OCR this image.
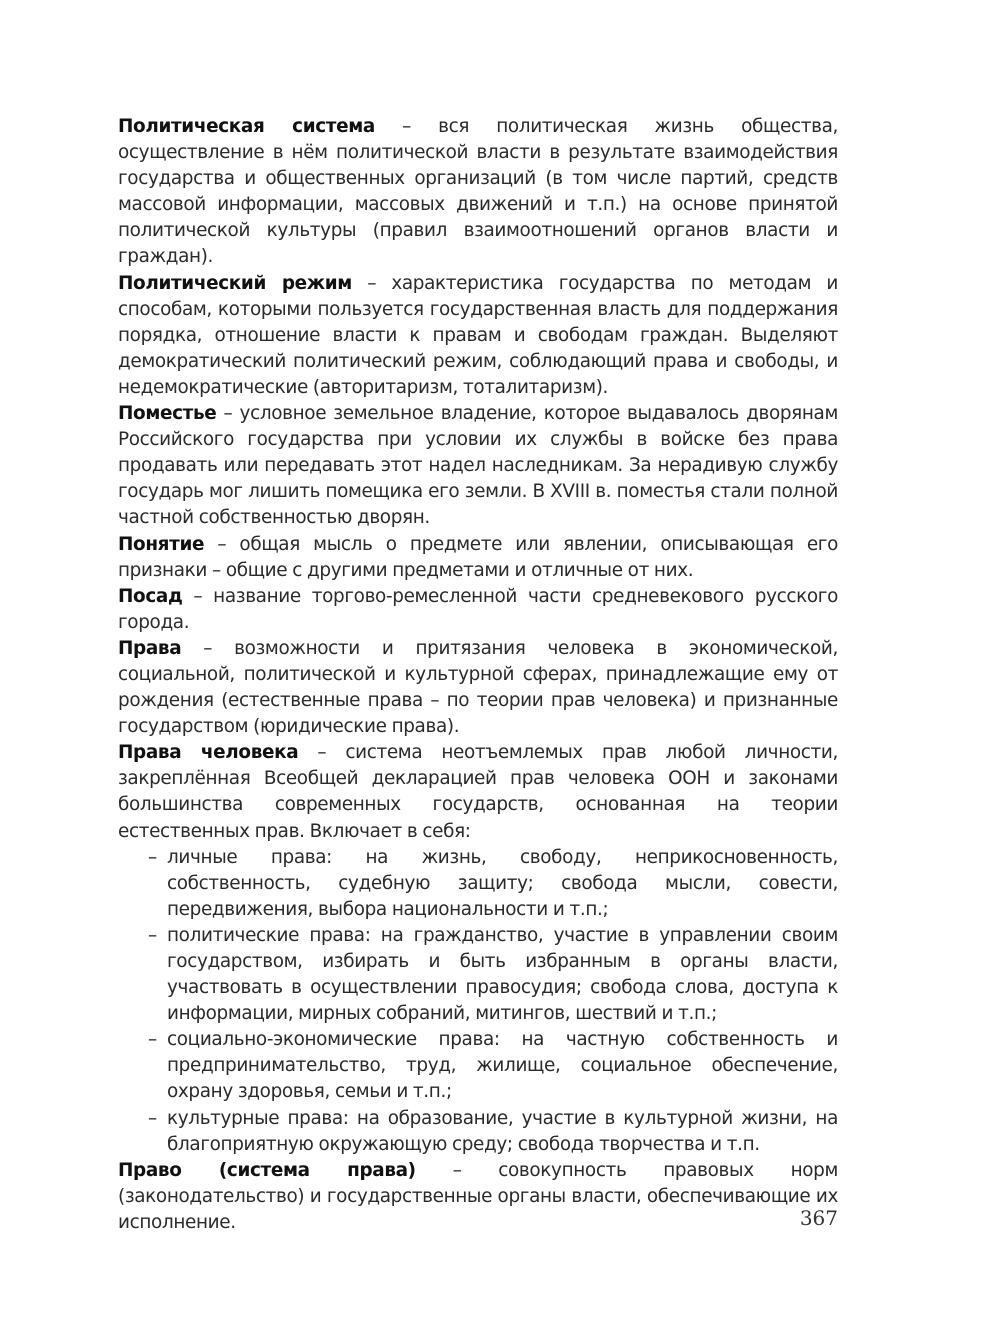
Политическая система – вся политическая жизнь общества, осуществление в нём политической власти в результате взаимодействия государства и общественных организаций (в том числе партий, средств массовой информации, массовых движений и т.п.) на основе принятой политической культуры (правил взаимоотношений органов власти и граждан).

Политический режим – характеристика государства по методам и способам, которыми пользуется государственная власть для поддержания порядка, отношение власти к правам и свободам граждан. Выделяют демократический политический режим, соблюдающий права и свободы, и недемократические (авторитаризм, тоталитаризм).

Поместье – условное земельное владение, которое выдавалось дворянам Российского государства при условии их службы в войске без права продавать или передавать этот надел наследникам. За нерадивую службу государь мог лишить помещика его земли. В XVIII в. поместья стали полной частной собственностью дворян.

Понятие – общая мысль о предмете или явлении, описывающая его признаки – общие с другими предметами и отличные от них.

Посад – название торгово-ремесленной части средневекового русского города.

Права – возможности и притязания человека в экономической, социальной, политической и культурной сферах, принадлежащие ему от рождения (естественные права – по теории прав человека) и признанные государством (юридические права).

Права человека – система неотъемлемых прав любой личности, закреплённая Всеобщей декларацией прав человека ООН и законами большинства современных государств, основанная на теории естественных прав. Включает в себя:

– личные права: на жизнь, свободу, неприкосновенность, собственность, судебную защиту; свобода мысли, совести, передвижения, выбора национальности и т.п.;
– политические права: на гражданство, участие в управлении своим государством, избирать и быть избранным в органы власти, участвовать в осуществлении правосудия; свобода слова, доступа к информации, мирных собраний, митингов, шествий и т.п.;
– социально-экономические права: на частную собственность и предпринимательство, труд, жилище, социальное обеспечение, охрану здоровья, семьи и т.п.;
– культурные права: на образование, участие в культурной жизни, на благоприятную окружающую среду; свобода творчества и т.п.

Право (система права) – совокупность правовых норм (законодательство) и государственные органы власти, обеспечивающие их исполнение.	367
